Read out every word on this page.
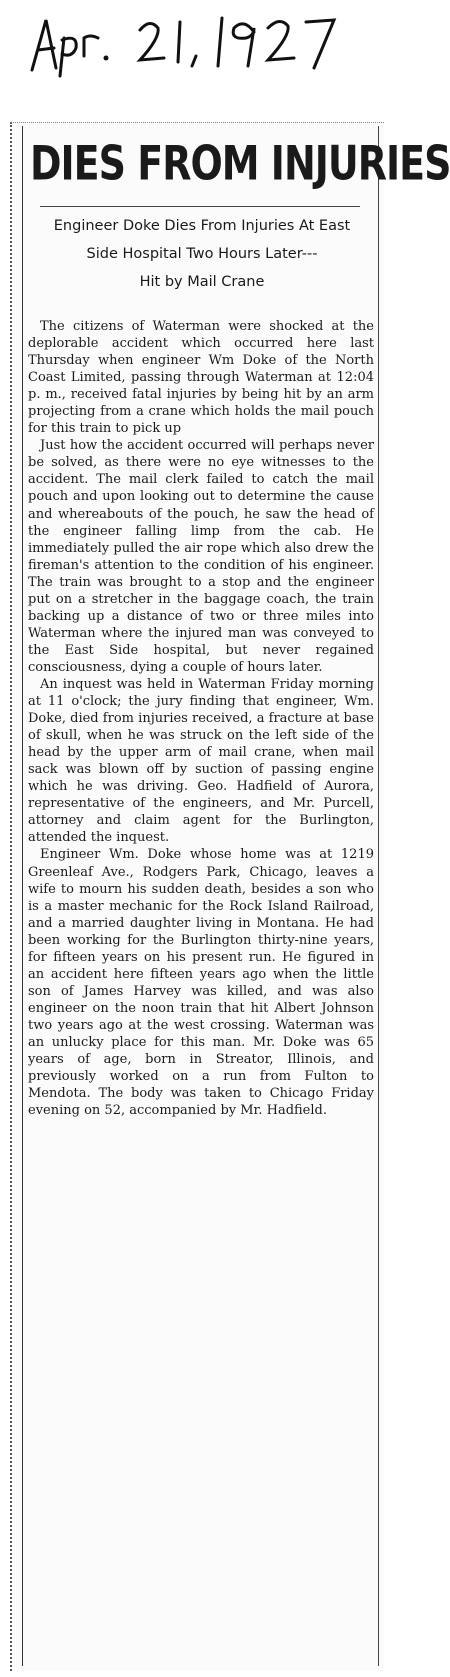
DIES FROM INJURIES
Engineer Doke Dies From Injuries At East
Side Hospital Two Hours Later---
Hit by Mail Crane

The citizens of Waterman were shocked at the deplorable accident which occurred here last Thursday when engineer Wm Doke of the North Coast Limited, passing through Waterman at 12:04 p. m., received fatal injuries by being hit by an arm projecting from a crane which holds the mail pouch for this train to pick up

Just how the accident occurred will perhaps never be solved, as there were no eye witnesses to the accident. The mail clerk failed to catch the mail pouch and upon looking out to determine the cause and whereabouts of the pouch, he saw the head of the engineer falling limp from the cab. He immediately pulled the air rope which also drew the fireman's attention to the condition of his engineer. The train was brought to a stop and the engineer put on a stretcher in the baggage coach, the train backing up a distance of two or three miles into Waterman where the injured man was conveyed to the East Side hospital, but never regained consciousness, dying a couple of hours later.

An inquest was held in Waterman Friday morning at 11 o'clock; the jury finding that engineer, Wm. Doke, died from injuries received, a fracture at base of skull, when he was struck on the left side of the head by the upper arm of mail crane, when mail sack was blown off by suction of passing engine which he was driving. Geo. Hadfield of Aurora, representative of the engineers, and Mr. Purcell, attorney and claim agent for the Burlington, attended the inquest.

Engineer Wm. Doke whose home was at 1219 Greenleaf Ave., Rodgers Park, Chicago, leaves a wife to mourn his sudden death, besides a son who is a master mechanic for the Rock Island Railroad, and a married daughter living in Montana. He had been working for the Burlington thirty-nine years, for fifteen years on his present run. He figured in an accident here fifteen years ago when the little son of James Harvey was killed, and was also engineer on the noon train that hit Albert Johnson two years ago at the west crossing. Waterman was an unlucky place for this man. Mr. Doke was 65 years of age, born in Streator, Illinois, and previously worked on a run from Fulton to Mendota. The body was taken to Chicago Friday evening on 52, accompanied by Mr. Hadfield.
